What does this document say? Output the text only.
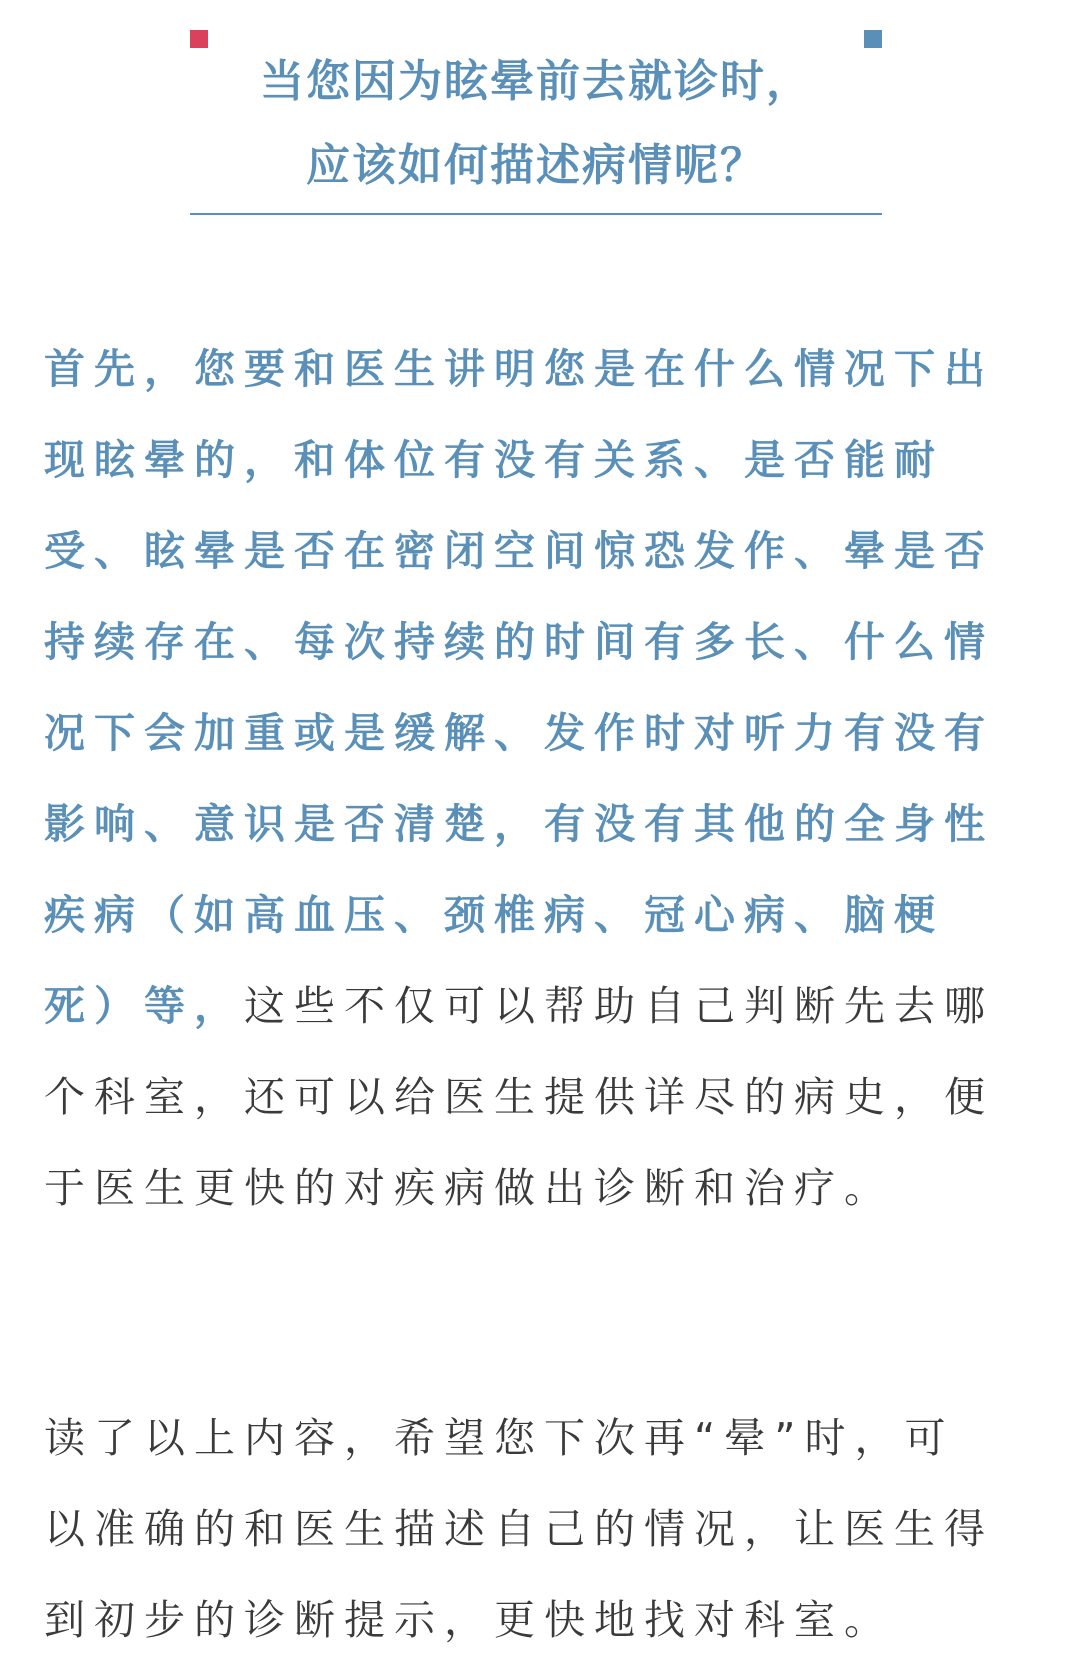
当您因为眩晕前去就诊时，
应该如何描述病情呢？
首先，您要和医生讲明您是在什么情况下出
现眩晕的，和体位有没有关系、是否能耐
受、眩晕是否在密闭空间惊恐发作、晕是否
持续存在、每次持续的时间有多长、什么情
况下会加重或是缓解、发作时对听力有没有
影响、意识是否清楚，有没有其他的全身性
疾病（如高血压、颈椎病、冠心病、脑梗
死）等，这些不仅可以帮助自己判断先去哪
个科室，还可以给医生提供详尽的病史，便
于医生更快的对疾病做出诊断和治疗。
读了以上内容，希望您下次再“晕”时，可
以准确的和医生描述自己的情况，让医生得
到初步的诊断提示，更快地找对科室。
